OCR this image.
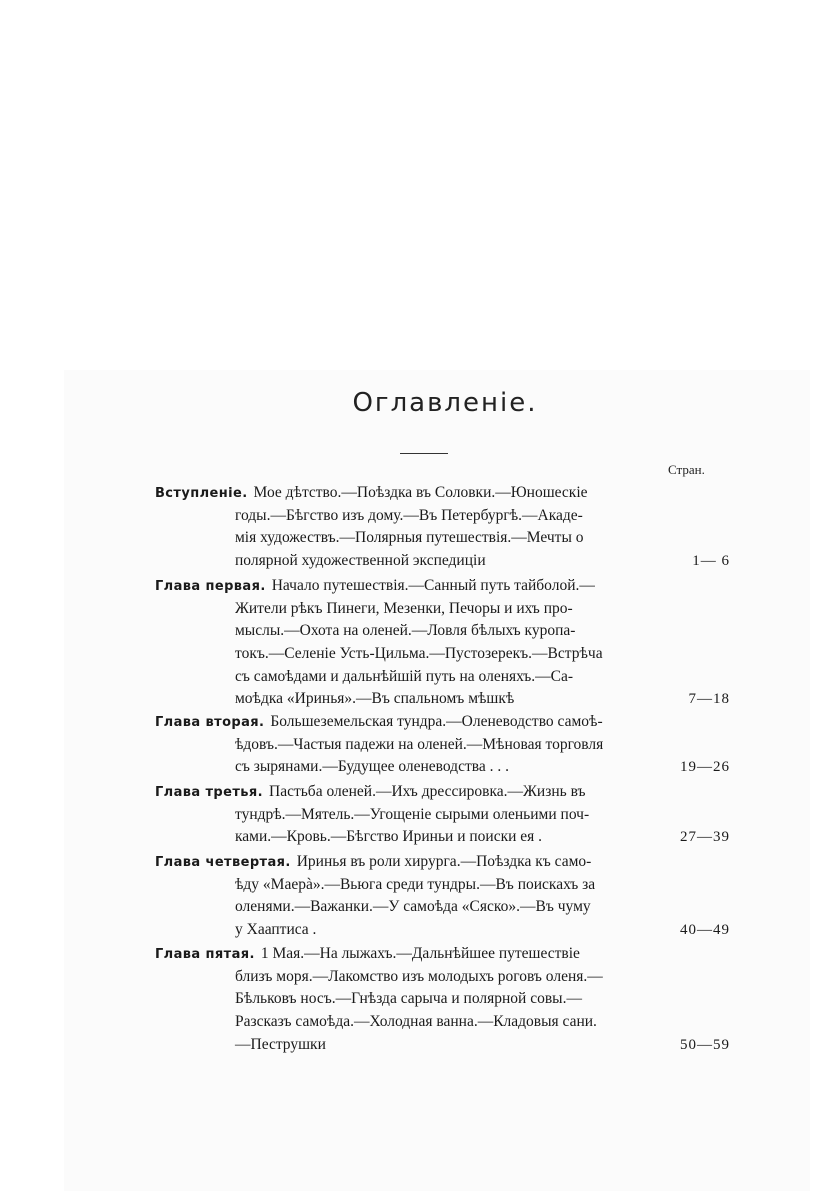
Оглавленіе.
Стран.
Вступленіе. Мое дѣтство.—Поѣздка въ Соловки.—Юношескіе
годы.—Бѣгство изъ дому.—Въ Петербургѣ.—Акаде-
мія художествъ.—Полярныя путешествія.—Мечты о
полярной художественной экспедиціи	1— 6
Глава первая. Начало путешествія.—Санный путь тайболой.—
Жители рѣкъ Пинеги, Мезенки, Печоры и ихъ про-
мыслы.—Охота на оленей.—Ловля бѣлыхъ куропа-
токъ.—Селеніе Усть-Цильма.—Пустозерекъ.—Встрѣча
съ самоѣдами и дальнѣйшій путь на оленяхъ.—Са-
моѣдка «Иринья».—Въ спальномъ мѣшкѣ	7—18
Глава вторая. Большеземельская тундра.—Оленеводство самоѣ-
ѣдовъ.—Частыя падежи на оленей.—Мѣновая торговля
съ зырянами.—Будущее оленеводства . . .	19—26
Глава третья. Пастьба оленей.—Ихъ дрессировка.—Жизнь въ
тундрѣ.—Мятель.—Угощеніе сырыми оленьими поч-
ками.—Кровь.—Бѣгство Ириньи и поиски ея .	27—39
Глава четвертая. Иринья въ роли хирурга.—Поѣздка къ само-
ѣду «Маерà».—Вьюга среди тундры.—Въ поискахъ за
оленями.—Важанки.—У самоѣда «Сяско».—Въ чуму
у Хааптиса .	40—49
Глава пятая. 1 Мая.—На лыжахъ.—Дальнѣйшее путешествіе
близъ моря.—Лакомство изъ молодыхъ роговъ оленя.—
Бѣльковъ носъ.—Гнѣзда сарыча и полярной совы.—
Разсказъ самоѣда.—Холодная ванна.—Кладовыя сани.
—Пеструшки	50—59
